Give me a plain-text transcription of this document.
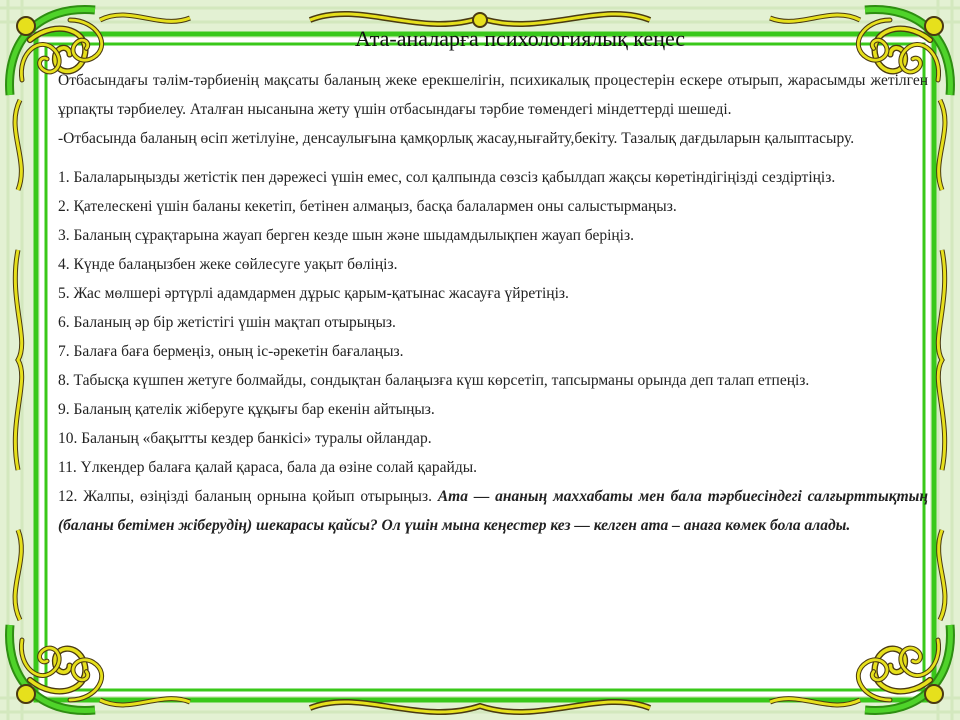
Ата-аналарға психологиялық кеңес

Отбасындағы тәлім-тәрбиенің мақсаты баланың жеке ерекшелігін, психикалық процестерін ескере отырып, жарасымды жетілген ұрпақты тәрбиелеу. Аталған нысанына жету үшін отбасындағы тәрбие төмендегі міндеттерді шешеді.

-Отбасында баланың өсіп жетілуіне, денсаулығына қамқорлық жасау,нығайту,бекіту. Тазалық дағдыларын қалыптасыру.

1. Балаларыңызды жетістік пен дәрежесі үшін емес, сол қалпында сөзсіз қабылдап жақсы көретіндігіңізді сездіртіңіз.
2. Қателескені үшін баланы кекетіп, бетінен алмаңыз, басқа балалармен оны салыстырмаңыз.
3. Баланың сұрақтарына жауап берген кезде шын және шыдамдылықпен жауап беріңіз.
4. Күнде балаңызбен жеке сөйлесуге уақыт бөліңіз.
5. Жас мөлшері әртүрлі адамдармен дұрыс қарым-қатынас жасауға үйретіңіз.
6. Баланың әр бір жетістігі үшін мақтап отырыңыз.
7. Балаға баға бермеңіз, оның іс-әрекетін бағалаңыз.
8. Табысқа күшпен жетуге болмайды, сондықтан балаңызға күш көрсетіп, тапсырманы орында деп талап етпеңіз.
9. Баланың қателік жіберуге құқығы бар екенін айтыңыз.
10. Баланың «бақытты кездер банкісі» туралы ойландар.
11. Үлкендер балаға қалай қараса, бала да өзіне солай қарайды.
12. Жалпы, өзіңізді баланың орнына қойып отырыңыз. Ата — ананың маххабаты мен бала тәрбиесіндегі салғырттықтың (баланы бетімен жіберудің) шекарасы қайсы? Ол үшін мына кеңестер кез — келген ата – анаға көмек бола алады.
